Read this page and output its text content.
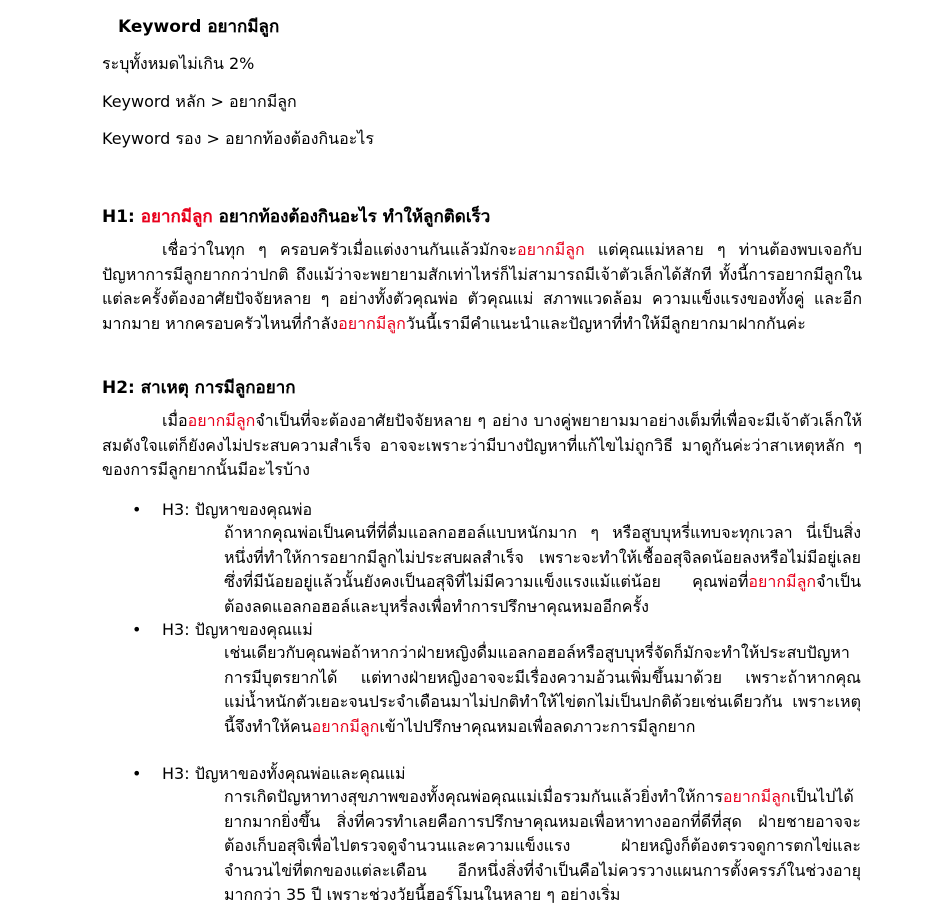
Keyword อยากมีลูก
ระบุทั้งหมดไม่เกิน 2%
Keyword หลัก > อยากมีลูก
Keyword รอง > อยากท้องต้องกินอะไร
H1: อยากมีลูก อยากท้องต้องกินอะไร ทำให้ลูกติดเร็ว
เชื่อว่าในทุก ๆ ครอบครัวเมื่อแต่งงานกันแล้วมักจะอยากมีลูก แต่คุณแม่หลาย ๆ ท่านต้องพบเจอกับปัญหาการมีลูกยากกว่าปกติ ถึงแม้ว่าจะพยายามสักเท่าไหร่ก็ไม่สามารถมีเจ้าตัวเล็กได้สักที ทั้งนี้การอยากมีลูกในแต่ละครั้งต้องอาศัยปัจจัยหลาย ๆ อย่างทั้งตัวคุณพ่อ ตัวคุณแม่ สภาพแวดล้อม ความแข็งแรงของทั้งคู่ และอีกมากมาย หากครอบครัวไหนที่กำลังอยากมีลูกวันนี้เรามีคำแนะนำและปัญหาที่ทำให้มีลูกยากมาฝากกันค่ะ
H2: สาเหตุ การมีลูกอยาก
เมื่ออยากมีลูกจำเป็นที่จะต้องอาศัยปัจจัยหลาย ๆ อย่าง บางคู่พยายามมาอย่างเต็มที่เพื่อจะมีเจ้าตัวเล็กให้สมดังใจแต่ก็ยังคงไม่ประสบความสำเร็จ อาจจะเพราะว่ามีบางปัญหาที่แก้ไขไม่ถูกวิธี มาดูกันค่ะว่าสาเหตุหลัก ๆ ของการมีลูกยากนั้นมีอะไรบ้าง
• H3: ปัญหาของคุณพ่อ
ถ้าหากคุณพ่อเป็นคนที่ที่ดื่มแอลกอฮอล์แบบหนักมาก ๆ หรือสูบบุหรี่แทบจะทุกเวลา นี่เป็นสิ่งหนึ่งที่ทำให้การอยากมีลูกไม่ประสบผลสำเร็จ เพราะจะทำให้เชื้ออสุจิลดน้อยลงหรือไม่มีอยู่เลย ซึ่งที่มีน้อยอยู่แล้วนั้นยังคงเป็นอสุจิที่ไม่มีความแข็งแรงแม้แต่น้อย คุณพ่อที่อยากมีลูกจำเป็นต้องลดแอลกอฮอล์และบุหรี่ลงเพื่อทำการปรึกษาคุณหมออีกครั้ง
• H3: ปัญหาของคุณแม่
เช่นเดียวกับคุณพ่อถ้าหากว่าฝ่ายหญิงดื่มแอลกอฮอล์หรือสูบบุหรี่จัดก็มักจะทำให้ประสบปัญหาการมีบุตรยากได้ แต่ทางฝ่ายหญิงอาจจะมีเรื่องความอ้วนเพิ่มขึ้นมาด้วย เพราะถ้าหากคุณแม่น้ำหนักตัวเยอะจนประจำเดือนมาไม่ปกติทำให้ไข่ตกไม่เป็นปกติด้วยเช่นเดียวกัน เพราะเหตุนี้จึงทำให้คนอยากมีลูกเข้าไปปรึกษาคุณหมอเพื่อลดภาวะการมีลูกยาก
• H3: ปัญหาของทั้งคุณพ่อและคุณแม่
การเกิดปัญหาทางสุขภาพของทั้งคุณพ่อคุณแม่เมื่อรวมกันแล้วยิ่งทำให้การอยากมีลูกเป็นไปได้ยากมากยิ่งขึ้น สิ่งที่ควรทำเลยคือการปรึกษาคุณหมอเพื่อหาทางออกที่ดีที่สุด ฝ่ายชายอาจจะต้องเก็บอสุจิเพื่อไปตรวจดูจำนวนและความแข็งแรง ฝ่ายหญิงก็ต้องตรวจดูการตกไข่และจำนวนไข่ที่ตกของแต่ละเดือน อีกหนึ่งสิ่งที่จำเป็นคือไม่ควรวางแผนการตั้งครรภ์ในช่วงอายุมากกว่า 35 ปี เพราะช่วงวัยนี้ฮอร์โมนในหลาย ๆ อย่างเริ่ม
